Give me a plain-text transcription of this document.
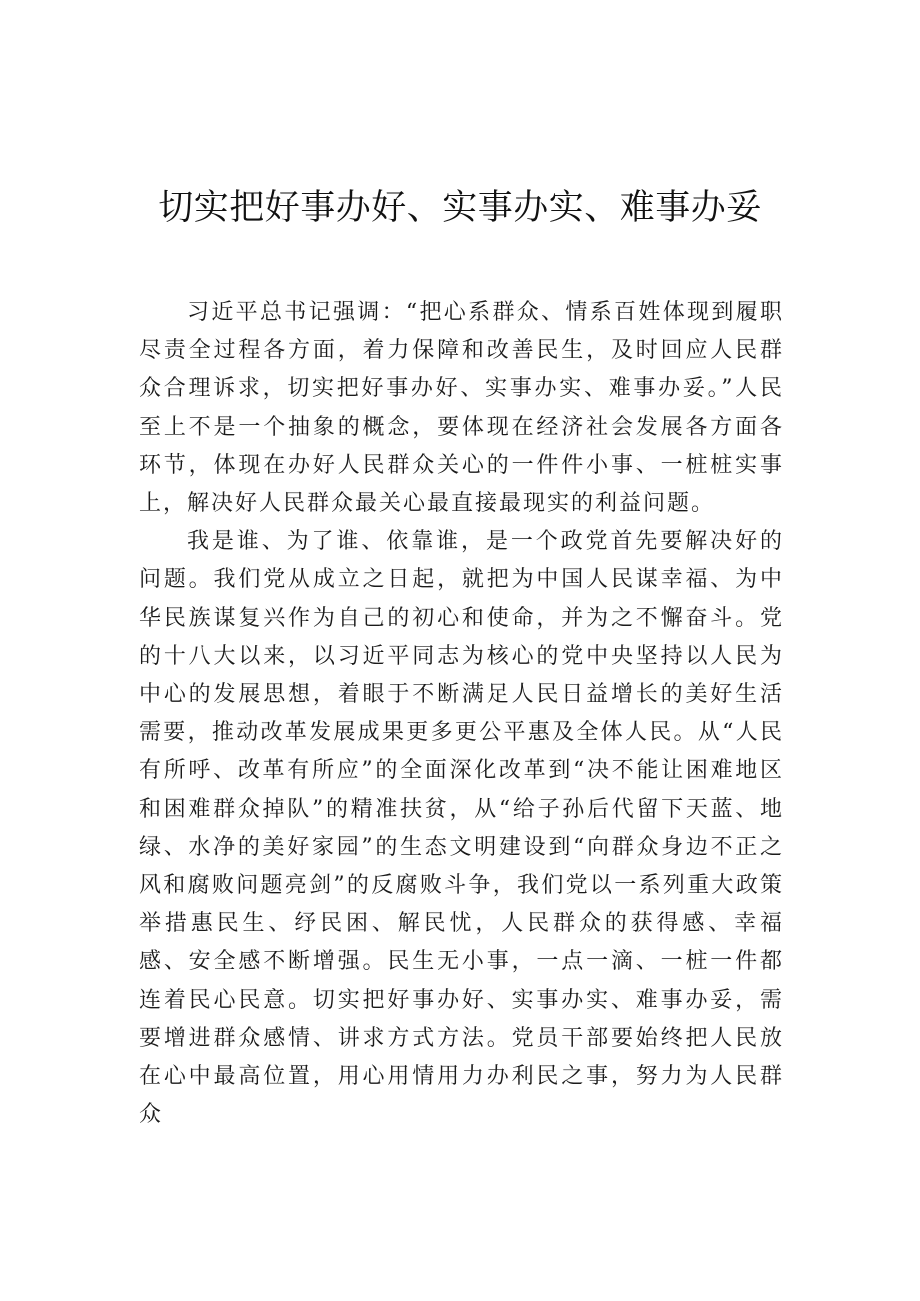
切实把好事办好、实事办实、难事办妥

习近平总书记强调：“把心系群众、情系百姓体现到履职尽责全过程各方面，着力保障和改善民生，及时回应人民群众合理诉求，切实把好事办好、实事办实、难事办妥。”人民至上不是一个抽象的概念，要体现在经济社会发展各方面各环节，体现在办好人民群众关心的一件件小事、一桩桩实事上，解决好人民群众最关心最直接最现实的利益问题。

我是谁、为了谁、依靠谁，是一个政党首先要解决好的问题。我们党从成立之日起，就把为中国人民谋幸福、为中华民族谋复兴作为自己的初心和使命，并为之不懈奋斗。党的十八大以来，以习近平同志为核心的党中央坚持以人民为中心的发展思想，着眼于不断满足人民日益增长的美好生活需要，推动改革发展成果更多更公平惠及全体人民。从“人民有所呼、改革有所应”的全面深化改革到“决不能让困难地区和困难群众掉队”的精准扶贫，从“给子孙后代留下天蓝、地绿、水净的美好家园”的生态文明建设到“向群众身边不正之风和腐败问题亮剑”的反腐败斗争，我们党以一系列重大政策举措惠民生、纾民困、解民忧，人民群众的获得感、幸福感、安全感不断增强。民生无小事，一点一滴、一桩一件都连着民心民意。切实把好事办好、实事办实、难事办妥，需要增进群众感情、讲求方式方法。党员干部要始终把人民放在心中最高位置，用心用情用力办利民之事，努力为人民群众
